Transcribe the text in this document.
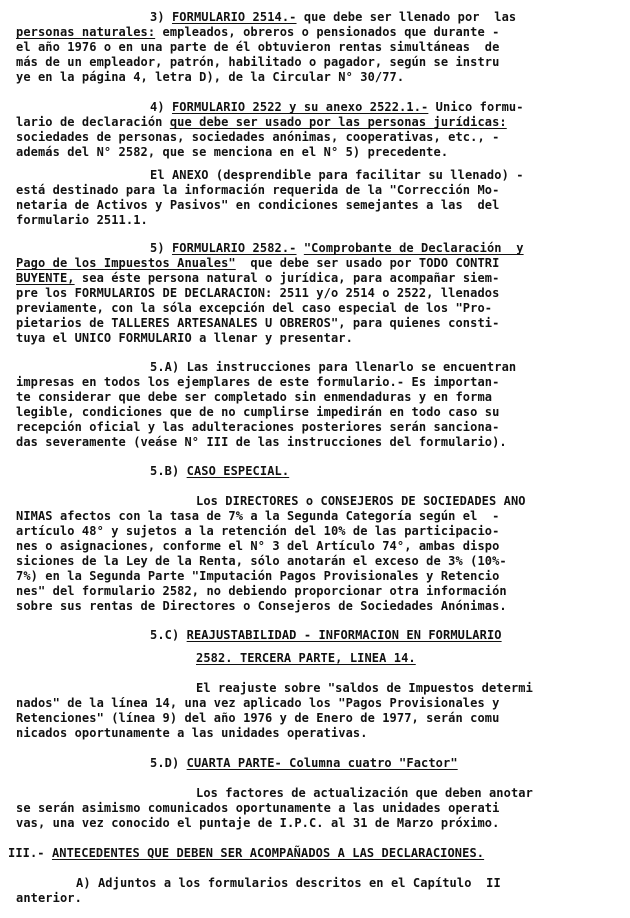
3) FORMULARIO 2514.- que debe ser llenado por  las
personas naturales: empleados, obreros o pensionados que durante -
el año 1976 o en una parte de él obtuvieron rentas simultáneas  de
más de un empleador, patrón, habilitado o pagador, según se instru
ye en la página 4, letra D), de la Circular N° 30/77.
4) FORMULARIO 2522 y su anexo 2522.1.- Unico formu-
lario de declaración que debe ser usado por las personas jurídicas:
sociedades de personas, sociedades anónimas, cooperativas, etc., -
además del N° 2582, que se menciona en el N° 5) precedente.
El ANEXO (desprendible para facilitar su llenado) -
está destinado para la información requerida de la "Corrección Mo-
netaria de Activos y Pasivos" en condiciones semejantes a las  del
formulario 2511.1.
5) FORMULARIO 2582.- "Comprobante de Declaración  y
Pago de los Impuestos Anuales"  que debe ser usado por TODO CONTRI
BUYENTE, sea éste persona natural o jurídica, para acompañar siem-
pre los FORMULARIOS DE DECLARACION: 2511 y/o 2514 o 2522, llenados
previamente, con la sóla excepción del caso especial de los "Pro-
pietarios de TALLERES ARTESANALES U OBREROS", para quienes consti-
tuya el UNICO FORMULARIO a llenar y presentar.
5.A) Las instrucciones para llenarlo se encuentran
impresas en todos los ejemplares de este formulario.- Es importan-
te considerar que debe ser completado sin enmendaduras y en forma
legible, condiciones que de no cumplirse impedirán en todo caso su
recepción oficial y las adulteraciones posteriores serán sanciona-
das severamente (veáse N° III de las instrucciones del formulario).
5.B) CASO ESPECIAL.
Los DIRECTORES o CONSEJEROS DE SOCIEDADES ANO
NIMAS afectos con la tasa de 7% a la Segunda Categoría según el  -
artículo 48° y sujetos a la retención del 10% de las participacio-
nes o asignaciones, conforme el N° 3 del Artículo 74°, ambas dispo
siciones de la Ley de la Renta, sólo anotarán el exceso de 3% (10%-
7%) en la Segunda Parte "Imputación Pagos Provisionales y Retencio
nes" del formulario 2582, no debiendo proporcionar otra información
sobre sus rentas de Directores o Consejeros de Sociedades Anónimas.
5.C) REAJUSTABILIDAD - INFORMACION EN FORMULARIO
2582. TERCERA PARTE, LINEA 14.
El reajuste sobre "saldos de Impuestos determi
nados" de la línea 14, una vez aplicado los "Pagos Provisionales y
Retenciones" (línea 9) del año 1976 y de Enero de 1977, serán comu
nicados oportunamente a las unidades operativas.
5.D) CUARTA PARTE- Columna cuatro "Factor"
Los factores de actualización que deben anotar
se serán asimismo comunicados oportunamente a las unidades operati
vas, una vez conocido el puntaje de I.P.C. al 31 de Marzo próximo.
III.- ANTECEDENTES QUE DEBEN SER ACOMPAÑADOS A LAS DECLARACIONES.
A) Adjuntos a los formularios descritos en el Capítulo  II
anterior.
